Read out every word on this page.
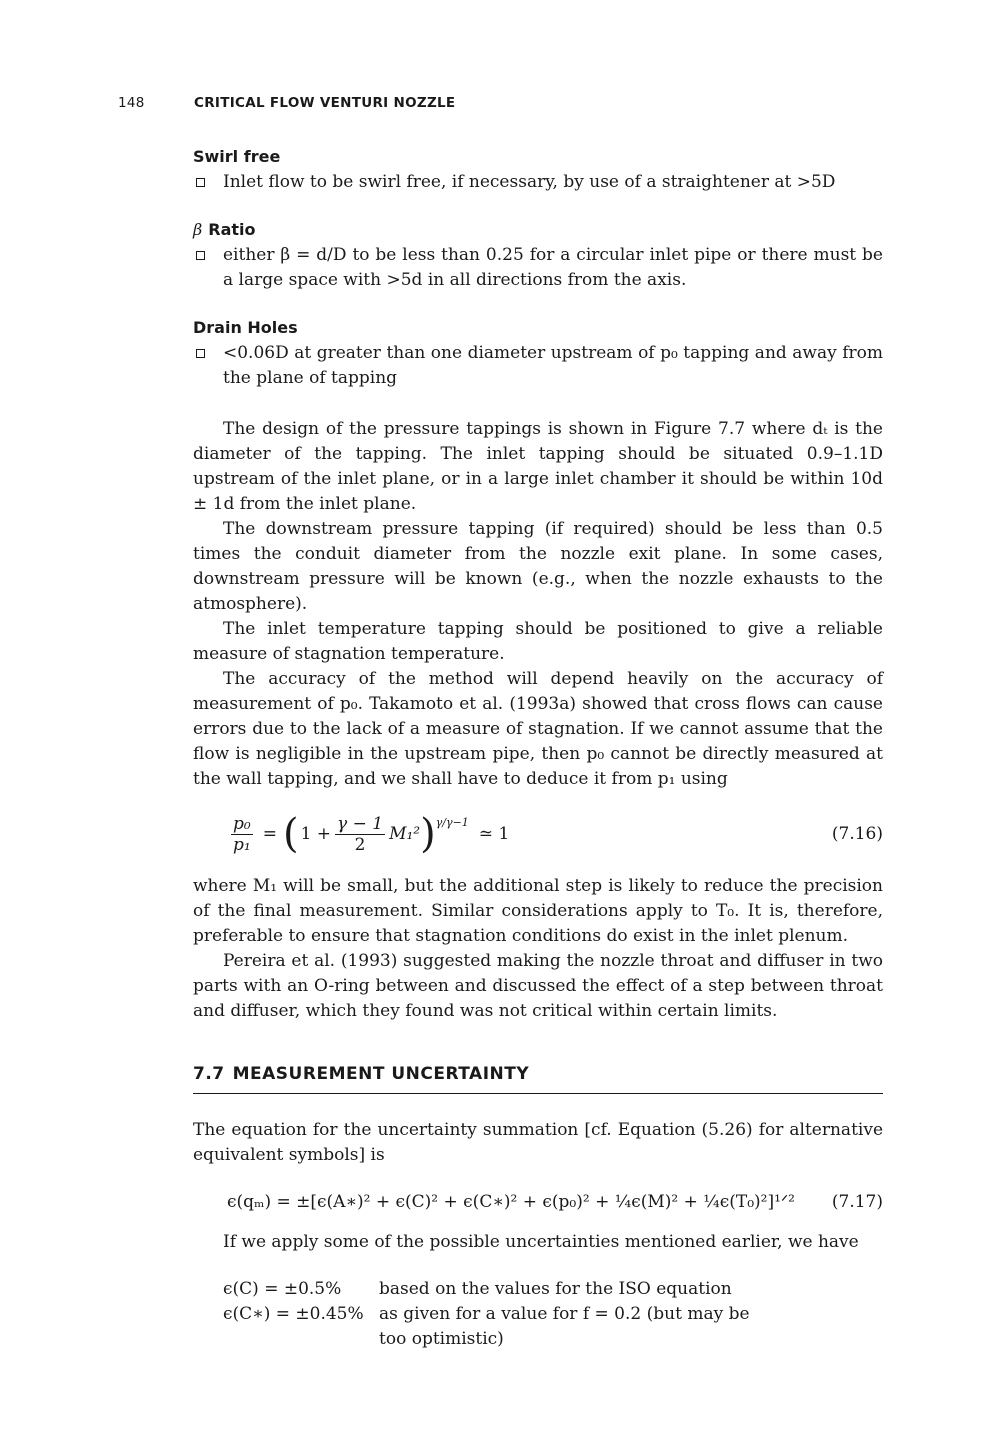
148	CRITICAL FLOW VENTURI NOZZLE

Swirl free

Inlet flow to be swirl free, if necessary, by use of a straightener at >5D

β Ratio

either β = d/D to be less than 0.25 for a circular inlet pipe or there must be a large space with >5d in all directions from the axis.

Drain Holes

<0.06D at greater than one diameter upstream of p₀ tapping and away from the plane of tapping

The design of the pressure tappings is shown in Figure 7.7 where dₜ is the diameter of the tapping. The inlet tapping should be situated 0.9–1.1D upstream of the inlet plane, or in a large inlet chamber it should be within 10d ± 1d from the inlet plane.

The downstream pressure tapping (if required) should be less than 0.5 times the conduit diameter from the nozzle exit plane. In some cases, downstream pressure will be known (e.g., when the nozzle exhausts to the atmosphere).

The inlet temperature tapping should be positioned to give a reliable measure of stagnation temperature.

The accuracy of the method will depend heavily on the accuracy of measurement of p₀. Takamoto et al. (1993a) showed that cross flows can cause errors due to the lack of a measure of stagnation. If we cannot assume that the flow is negligible in the upstream pipe, then p₀ cannot be directly measured at the wall tapping, and we shall have to deduce it from p₁ using

$\frac{\text{p₀}}{\text{p₁}}$ = ( $1 + \frac{\gamma - 1}{2} M_1^2$ ) γ/γ−1
≃ 1	(7.16)

where M₁ will be small, but the additional step is likely to reduce the precision of the final measurement. Similar considerations apply to T₀. It is, therefore, preferable to ensure that stagnation conditions do exist in the inlet plenum.

Pereira et al. (1993) suggested making the nozzle throat and diffuser in two parts with an O-ring between and discussed the effect of a step between throat and diffuser, which they found was not critical within certain limits.

7.7 MEASUREMENT UNCERTAINTY

The equation for the uncertainty summation [cf. Equation (5.26) for alternative equivalent symbols] is

ϵ(qₘ) = ±[ϵ(A∗)² + ϵ(C)² + ϵ(C∗)² + ϵ(p₀)² + ¼ϵ(M)² + ¼ϵ(T₀)²]¹ᐟ² (7.17)

If we apply some of the possible uncertainties mentioned earlier, we have

ϵ(C) = ±0.5%	based on the values for the ISO equation
ϵ(C∗) = ±0.45%	as given for a value for f = 0.2 (but may be too optimistic)
